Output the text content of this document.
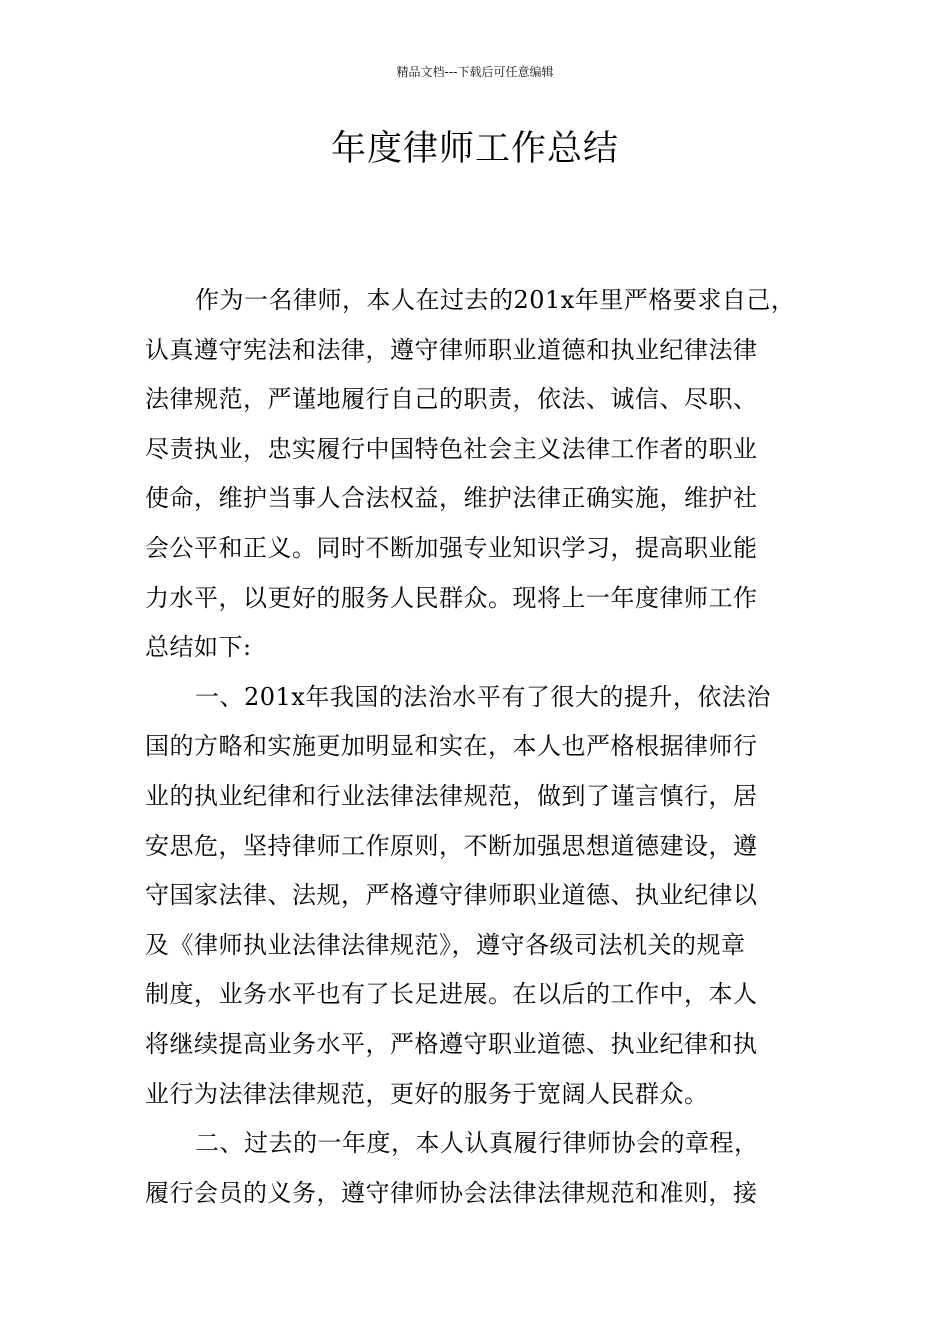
精品文档---下载后可任意编辑
年度律师工作总结
作为一名律师，本人在过去的201x年里严格要求自己，
认真遵守宪法和法律，遵守律师职业道德和执业纪律法律
法律规范，严谨地履行自己的职责，依法、诚信、尽职、
尽责执业，忠实履行中国特色社会主义法律工作者的职业
使命，维护当事人合法权益，维护法律正确实施，维护社
会公平和正义。同时不断加强专业知识学习，提高职业能
力水平，以更好的服务人民群众。现将上一年度律师工作
总结如下:
一、201x年我国的法治水平有了很大的提升，依法治
国的方略和实施更加明显和实在，本人也严格根据律师行
业的执业纪律和行业法律法律规范，做到了谨言慎行，居
安思危，坚持律师工作原则，不断加强思想道德建设，遵
守国家法律、法规，严格遵守律师职业道德、执业纪律以
及《律师执业法律法律规范》，遵守各级司法机关的规章
制度，业务水平也有了长足进展。在以后的工作中，本人
将继续提高业务水平，严格遵守职业道德、执业纪律和执
业行为法律法律规范，更好的服务于宽阔人民群众。
二、过去的一年度，本人认真履行律师协会的章程，
履行会员的义务，遵守律师协会法律法律规范和准则，接
